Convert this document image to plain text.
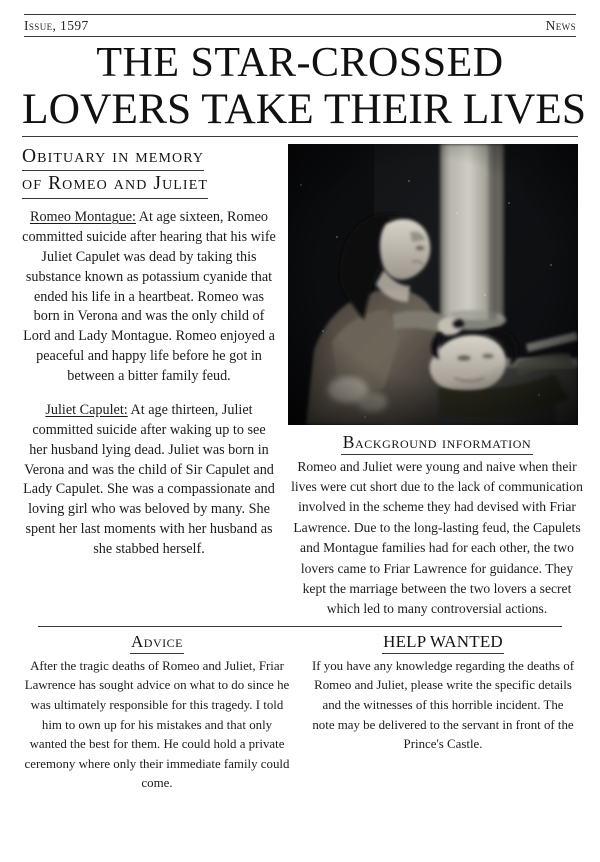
Issue, 1597	News
THE STAR-CROSSED
LOVERS TAKE THEIR LIVES
Obituary in memory
of Romeo and Juliet

Romeo Montague: At age sixteen, Romeo committed suicide after hearing that his wife Juliet Capulet was dead by taking this substance known as potassium cyanide that ended his life in a heartbeat. Romeo was born in Verona and was the only child of Lord and Lady Montague. Romeo enjoyed a peaceful and happy life before he got in between a bitter family feud.

Juliet Capulet: At age thirteen, Juliet committed suicide after waking up to see her husband lying dead. Juliet was born in Verona and was the child of Sir Capulet and Lady Capulet. She was a compassionate and loving girl who was beloved by many. She spent her last moments with her husband as she stabbed herself.

Background information

Romeo and Juliet were young and naive when their lives were cut short due to the lack of communication involved in the scheme they had devised with Friar Lawrence. Due to the long-lasting feud, the Capulets and Montague families had for each other, the two lovers came to Friar Lawrence for guidance. They kept the marriage between the two lovers a secret which led to many controversial actions.

Advice

After the tragic deaths of Romeo and Juliet, Friar Lawrence has sought advice on what to do since he was ultimately responsible for this tragedy. I told him to own up for his mistakes and that only wanted the best for them. He could hold a private ceremony where only their immediate family could come.

HELP WANTED

If you have any knowledge regarding the deaths of Romeo and Juliet, please write the specific details and the witnesses of this horrible incident. The note may be delivered to the servant in front of the Prince's Castle.
